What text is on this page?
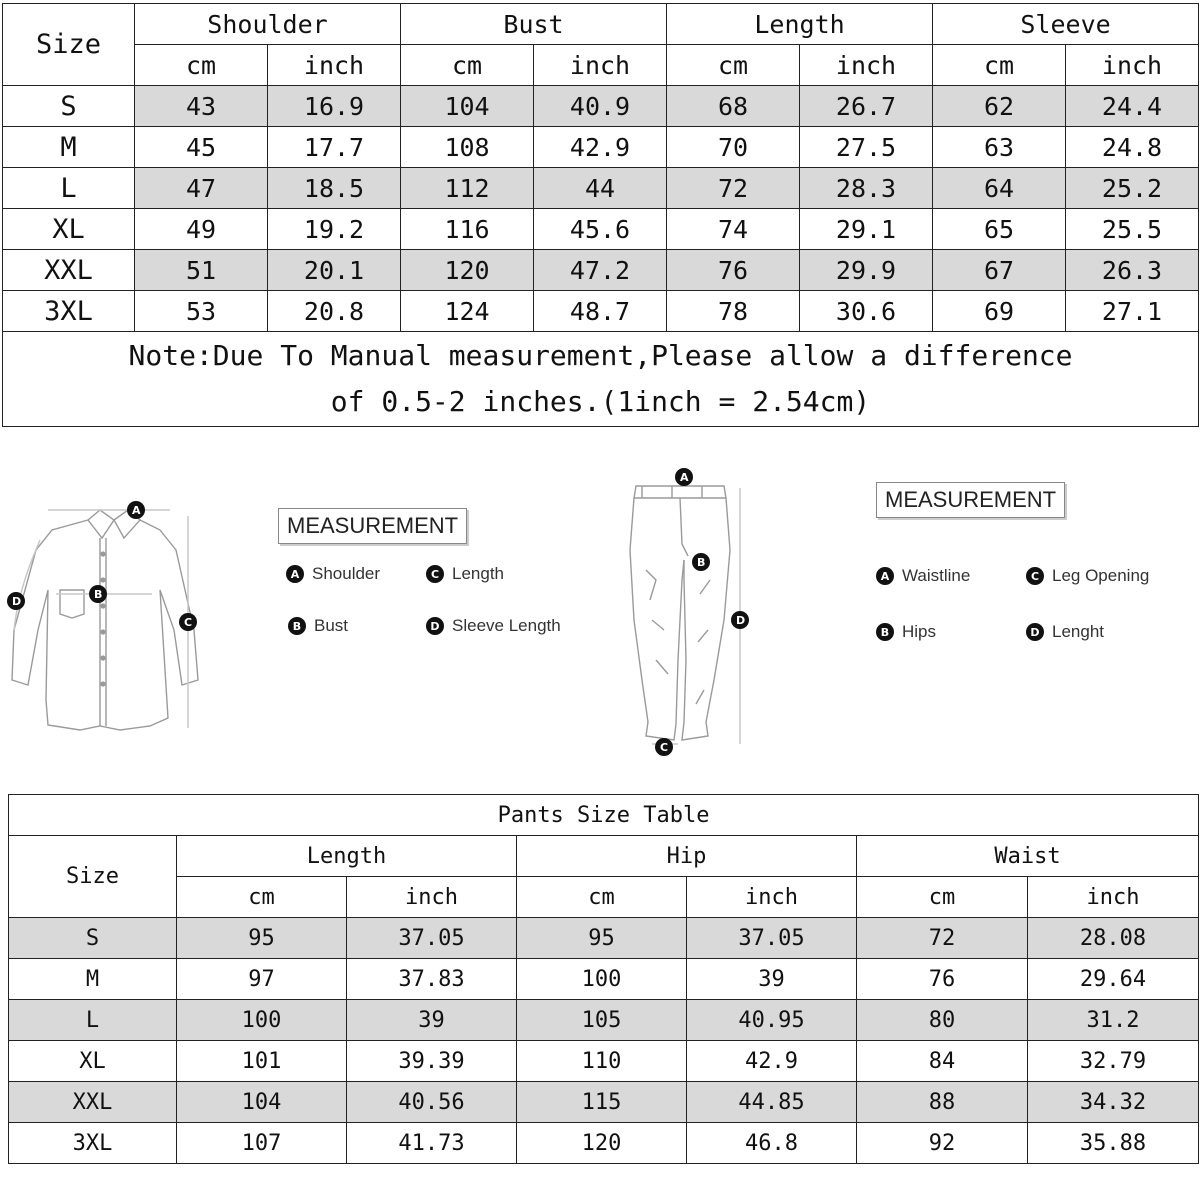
Size	Shoulder		Bust		Length		Sleeve	
	cm	inch	cm	inch	cm	inch	cm	inch
S	43	16.9	104	40.9	68	26.7	62	24.4
M	45	17.7	108	42.9	70	27.5	63	24.8
L	47	18.5	112	44	72	28.3	64	25.2
XL	49	19.2	116	45.6	74	29.1	65	25.5
XXL	51	20.1	120	47.2	76	29.9	67	26.3
3XL	53	20.8	124	48.7	78	30.6	69	27.1

Note:Due To Manual measurement,Please allow a difference
of 0.5-2 inches.(1inch = 2.54cm)								
A
B
C
D
MEASUREMENT
A Shoulder	C Length
B Bust	D Sleeve Length
A
B
C
D
MEASUREMENT
A Waistline	C Leg Opening
B Hips	D Lenght
Pants Size Table						
Size	Length		Hip		Waist	
	cm	inch	cm	inch	cm	inch
S	95	37.05	95	37.05	72	28.08
M	97	37.83	100	39	76	29.64
L	100	39	105	40.95	80	31.2
XL	101	39.39	110	42.9	84	32.79
XXL	104	40.56	115	44.85	88	34.32
3XL	107	41.73	120	46.8	92	35.88
